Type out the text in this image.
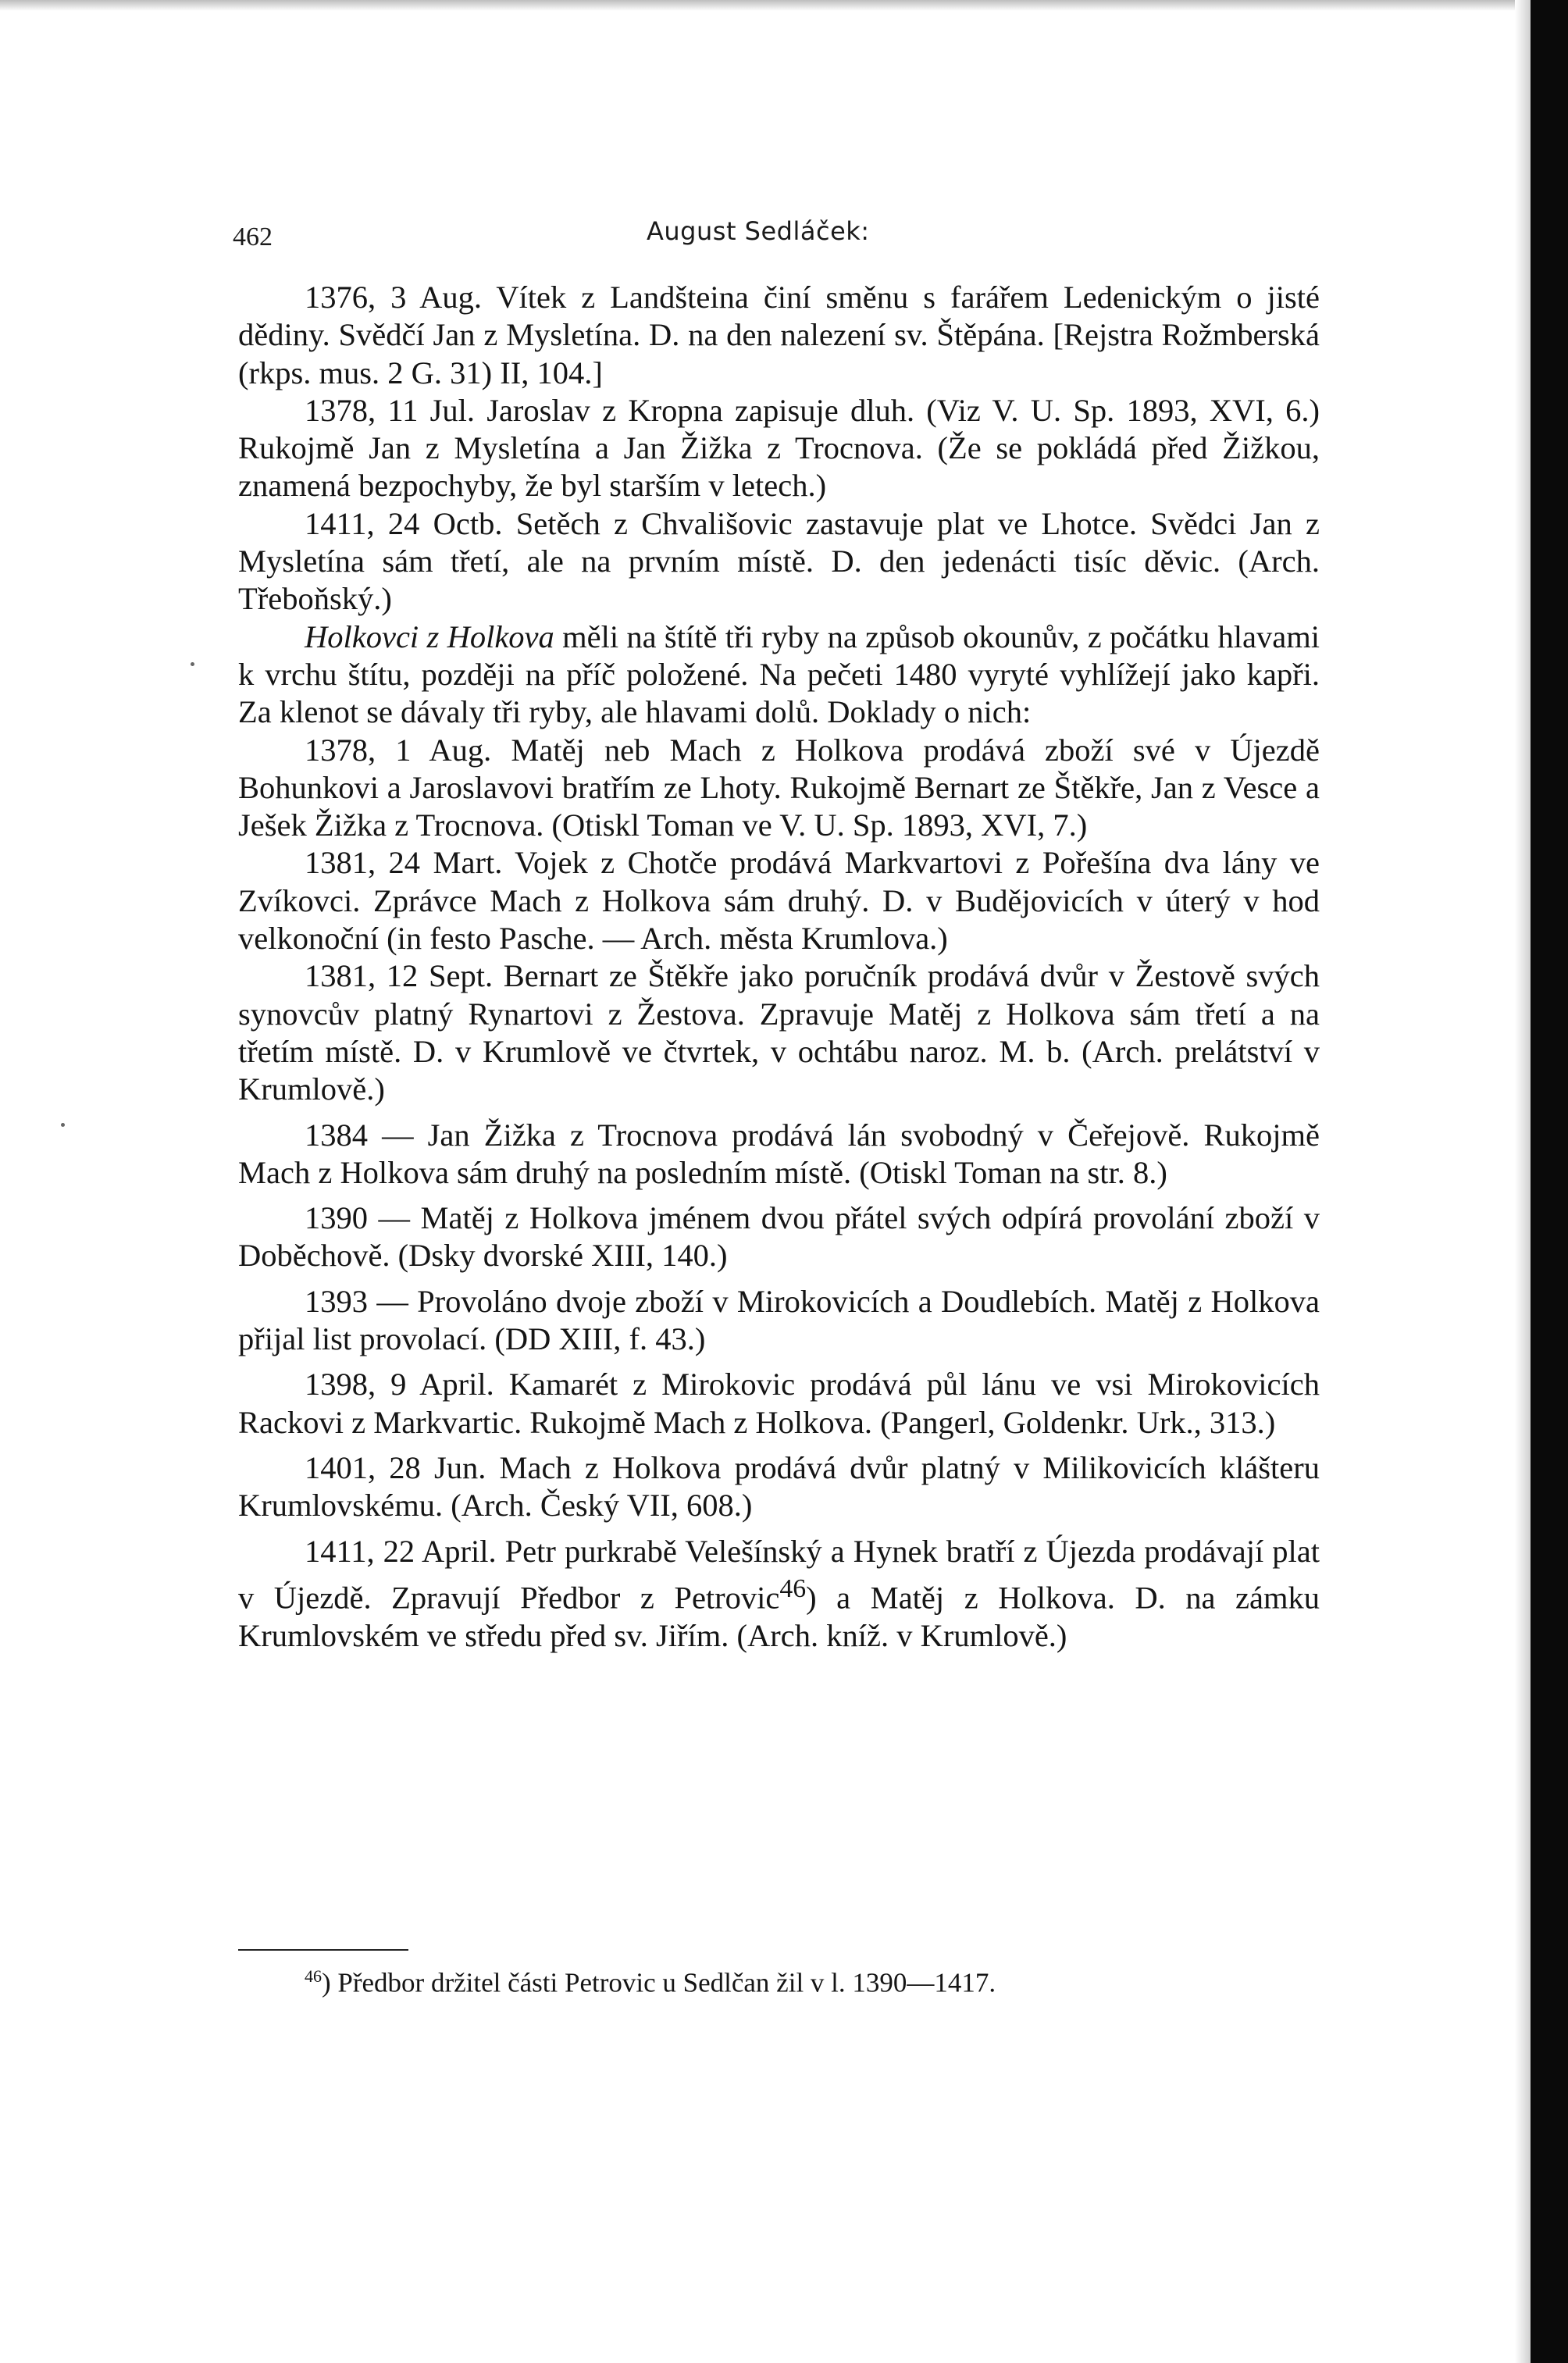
462	August Sedláček:

1376, 3 Aug. Vítek z Landšteina činí směnu s farářem Ledenickým o jisté dědiny. Svědčí Jan z Mysletína. D. na den nalezení sv. Štěpána. [Rejstra Rožmberská (rkps. mus. 2 G. 31) II, 104.]

1378, 11 Jul. Jaroslav z Kropna zapisuje dluh. (Viz V. U. Sp. 1893, XVI, 6.) Rukojmě Jan z Mysletína a Jan Žižka z Trocnova. (Že se pokládá před Žižkou, znamená bezpochyby, že byl starším v letech.)

1411, 24 Octb. Setěch z Chvališovic zastavuje plat ve Lhotce. Svědci Jan z Mysletína sám třetí, ale na prvním místě. D. den jedenácti tisíc děvic. (Arch. Třeboňský.)

Holkovci z Holkova měli na štítě tři ryby na způsob okounův, z počátku hlavami k vrchu štítu, později na příč položené. Na pečeti 1480 vyryté vyhlížejí jako kapři. Za klenot se dávaly tři ryby, ale hlavami dolů. Doklady o nich:

1378, 1 Aug. Matěj neb Mach z Holkova prodává zboží své v Újezdě Bohunkovi a Jaroslavovi bratřím ze Lhoty. Rukojmě Bernart ze Štěkře, Jan z Vesce a Ješek Žižka z Trocnova. (Otiskl Toman ve V. U. Sp. 1893, XVI, 7.)

1381, 24 Mart. Vojek z Chotče prodává Markvartovi z Pořešína dva lány ve Zvíkovci. Zprávce Mach z Holkova sám druhý. D. v Budějovicích v úterý v hod velkonoční (in festo Pasche. — Arch. města Krumlova.)

1381, 12 Sept. Bernart ze Štěkře jako poručník prodává dvůr v Žestově svých synovcův platný Rynartovi z Žestova. Zpravuje Matěj z Holkova sám třetí a na třetím místě. D. v Krumlově ve čtvrtek, v ochtábu naroz. M. b. (Arch. prelátství v Krumlově.)

1384 — Jan Žižka z Trocnova prodává lán svobodný v Čeřejově. Rukojmě Mach z Holkova sám druhý na posledním místě. (Otiskl Toman na str. 8.)

1390 — Matěj z Holkova jménem dvou přátel svých odpírá provolání zboží v Doběchově. (Dsky dvorské XIII, 140.)

1393 — Provoláno dvoje zboží v Mirokovicích a Doudlebích. Matěj z Holkova přijal list provolací. (DD XIII, f. 43.)

1398, 9 April. Kamarét z Mirokovic prodává půl lánu ve vsi Mirokovicích Rackovi z Markvartic. Rukojmě Mach z Holkova. (Pangerl, Goldenkr. Urk., 313.)

1401, 28 Jun. Mach z Holkova prodává dvůr platný v Milikovicích klášteru Krumlovskému. (Arch. Český VII, 608.)

1411, 22 April. Petr purkrabě Velešínský a Hynek bratří z Újezda prodávají plat v Újezdě. Zpravují Předbor z Petrovic$^{46}$) a Matěj z Holkova. D. na zámku Krumlovském ve středu před sv. Jiřím. (Arch. kníž. v Krumlově.)

$^{46}$) Předbor držitel části Petrovic u Sedlčan žil v l. 1390—1417.
